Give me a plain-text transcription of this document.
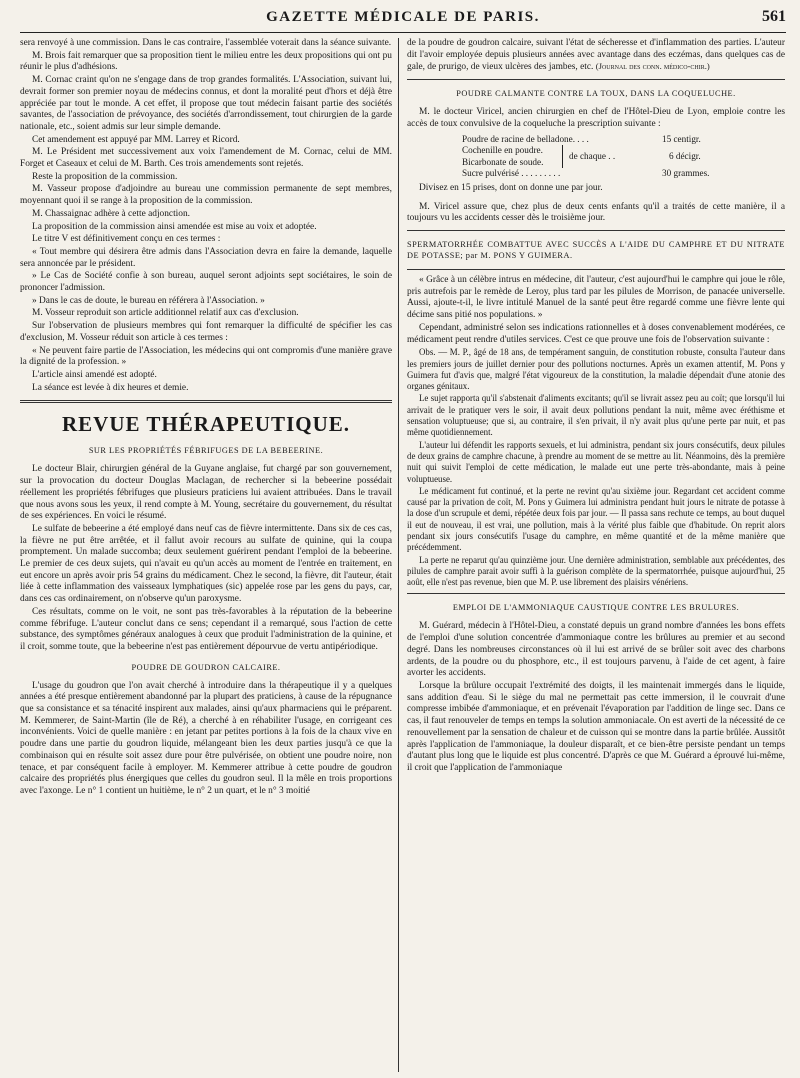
GAZETTE MÉDICALE DE PARIS.	561

sera renvoyé à une commission. Dans le cas contraire, l'assemblée voterait dans la séance suivante.

M. Brois fait remarquer que sa proposition tient le milieu entre les deux propositions qui ont pu réunir le plus d'adhésions.

M. Cornac craint qu'on ne s'engage dans de trop grandes formalités. L'Association, suivant lui, devrait former son premier noyau de médecins connus, et dont la moralité peut d'hors et déjà être appréciée par tout le monde. A cet effet, il propose que tout médecin faisant partie des sociétés savantes, de l'association de prévoyance, des sociétés d'arrondissement, tout chirurgien de la garde nationale, etc., soient admis sur leur simple demande.

Cet amendement est appuyé par MM. Larrey et Ricord.

M. Le Président met successivement aux voix l'amendement de M. Cornac, celui de MM. Forget et Caseaux et celui de M. Barth. Ces trois amendements sont rejetés.

Reste la proposition de la commission.

M. Vasseur propose d'adjoindre au bureau une commission permanente de sept membres, moyennant quoi il se range à la proposition de la commission.

M. Chassaignac adhère à cette adjonction.

La proposition de la commission ainsi amendée est mise au voix et adoptée.

Le titre V est définitivement conçu en ces termes :

« Tout membre qui désirera être admis dans l'Association devra en faire la demande, laquelle sera annoncée par le président.

» Le Cas de Société confie à son bureau, auquel seront adjoints sept sociétaires, le soin de prononcer l'admission.

» Dans le cas de doute, le bureau en référera à l'Association. »

M. Vosseur reproduit son article additionnel relatif aux cas d'exclusion.

Sur l'observation de plusieurs membres qui font remarquer la difficulté de spécifier les cas d'exclusion, M. Vosseur réduit son article à ces termes :

« Ne peuvent faire partie de l'Association, les médecins qui ont compromis d'une manière grave la dignité de la profession. »

L'article ainsi amendé est adopté.

La séance est levée à dix heures et demie.

REVUE THÉRAPEUTIQUE.
SUR LES PROPRIÉTÉS FÉBRIFUGES DE LA BEBEERINE.

Le docteur Blair, chirurgien général de la Guyane anglaise, fut chargé par son gouvernement, sur la provocation du docteur Douglas Maclagan, de rechercher si la bebeerine possédait réellement les propriétés fébrifuges que plusieurs praticiens lui avaient attribuées. Dans le travail que nous avons sous les yeux, il rend compte à M. Young, secrétaire du gouvernement, du résultat de ses expériences. En voici le résumé.

Le sulfate de bebeerine a été employé dans neuf cas de fièvre intermittente. Dans six de ces cas, la fièvre ne put être arrêtée, et il fallut avoir recours au sulfate de quinine, qui la coupa promptement. Un malade succomba; deux seulement guérirent pendant l'emploi de la bebeerine. Le premier de ces deux sujets, qui n'avait eu qu'un accès au moment de l'entrée en traitement, en eut encore un après avoir pris 54 grains du médicament. Chez le second, la fièvre, dit l'auteur, était liée à cette inflammation des vaisseaux lymphatiques (sic) appelée rose par les gens du pays, car, dans ces cas ordinairement, on n'observe qu'un paroxysme.

Ces résultats, comme on le voit, ne sont pas très-favorables à la réputation de la bebeerine comme fébrifuge. L'auteur conclut dans ce sens; cependant il a remarqué, sous l'action de cette substance, des symptômes généraux analogues à ceux que produit l'administration de la quinine, et il croit, somme toute, que la bebeerine n'est pas entièrement dépourvue de vertu antipériodique.

POUDRE DE GOUDRON CALCAIRE.

L'usage du goudron que l'on avait cherché à introduire dans la thérapeutique il y a quelques années a été presque entièrement abandonné par la plupart des praticiens, à cause de la répugnance que sa consistance et sa ténacité inspirent aux malades, ainsi qu'aux pharmaciens qui le préparent. M. Kemmerer, de Saint-Martin (île de Ré), a cherché à en réhabiliter l'usage, en corrigeant ces inconvénients. Voici de quelle manière : en jetant par petites portions à la fois de la chaux vive en poudre dans une partie du goudron liquide, mélangeant bien les deux parties jusqu'à ce que la combinaison qui en résulte soit assez dure pour être pulvérisée, on obtient une poudre noire, non tenace, et par conséquent facile à employer. M. Kemmerer attribue à cette poudre de goudron calcaire des propriétés plus énergiques que celles du goudron seul. Il la mêle en trois proportions avec l'axonge. Le n° 1 contient un huitième, le n° 2 un quart, et le n° 3 moitié

de la poudre de goudron calcaire, suivant l'état de sécheresse et d'inflammation des parties. L'auteur dit l'avoir employée depuis plusieurs années avec avantage dans des eczémas, dans quelques cas de gale, de prurigo, de vieux ulcères des jambes, etc. (Journal des conn. médico-chir.)

POUDRE CALMANTE CONTRE LA TOUX, DANS LA COQUELUCHE.

M. le docteur Viricel, ancien chirurgien en chef de l'Hôtel-Dieu de Lyon, emploie contre les accès de toux convulsive de la coqueluche la prescription suivante :

Poudre de racine de belladone. . . .	15 centigr.
Cochenille en poudre.
Bicarbonate de soude.
de chaque . .	6 décigr.
Sucre pulvérisé . . . . . . . . .	30 grammes.

Divisez en 15 prises, dont on donne une par jour.

M. Viricel assure que, chez plus de deux cents enfants qu'il a traités de cette manière, il a toujours vu les accidents cesser dès le troisième jour.

SPERMATORRHÉE COMBATTUE AVEC SUCCÈS A L'AIDE DU CAMPHRE ET DU NITRATE DE POTASSE; par M. PONS Y GUIMERA.

« Grâce à un célèbre intrus en médecine, dit l'auteur, c'est aujourd'hui le camphre qui joue le rôle, pris autrefois par le remède de Leroy, plus tard par les pilules de Morrison, de panacée universelle. Aussi, ajoute-t-il, le livre intitulé Manuel de la santé peut être regardé comme une fièvre lente qui décime sans pitié nos populations. »

Cependant, administré selon ses indications rationnelles et à doses convenablement modérées, ce médicament peut rendre d'utiles services. C'est ce que prouve une fois de l'observation suivante :

Obs. — M. P., âgé de 18 ans, de tempérament sanguin, de constitution robuste, consulta l'auteur dans les premiers jours de juillet dernier pour des pollutions nocturnes. Après un examen attentif, M. Pons y Guimera fut d'avis que, malgré l'état vigoureux de la constitution, la maladie dépendait d'une atonie des organes génitaux.

Le sujet rapporta qu'il s'abstenait d'aliments excitants; qu'il se livrait assez peu au coït; que lorsqu'il lui arrivait de le pratiquer vers le soir, il avait deux pollutions pendant la nuit, même avec éréthisme et sensation voluptueuse; que si, au contraire, il s'en privait, il n'y avait plus qu'une perte par nuit, et pas même quotidiennement.

L'auteur lui défendit les rapports sexuels, et lui administra, pendant six jours consécutifs, deux pilules de deux grains de camphre chacune, à prendre au moment de se mettre au lit. Néanmoins, dès la première nuit qui suivit l'emploi de cette médication, le malade eut une perte très-abondante, mais à peine voluptueuse.

Le médicament fut continué, et la perte ne revint qu'au sixième jour. Regardant cet accident comme causé par la privation de coït, M. Pons y Guimera lui administra pendant huit jours le nitrate de potasse à la dose d'un scrupule et demi, répétée deux fois par jour. — Il passa sans rechute ce temps, au bout duquel il eut de nouveau, il est vrai, une pollution, mais à la vérité plus faible que d'habitude. On reprit alors pendant six jours consécutifs l'usage du camphre, en même quantité et de la même manière que précédemment.

La perte ne reparut qu'au quinzième jour. Une dernière administration, semblable aux précédentes, des pilules de camphre parait avoir suffi à la guérison complète de la spermatorrhée, puisque aujourd'hui, 25 août, elle n'est pas revenue, bien que M. P. use librement des plaisirs vénériens.

EMPLOI DE L'AMMONIAQUE CAUSTIQUE CONTRE LES BRULURES.

M. Guérard, médecin à l'Hôtel-Dieu, a constaté depuis un grand nombre d'années les bons effets de l'emploi d'une solution concentrée d'ammoniaque contre les brûlures au premier et au second degré. Dans les nombreuses circonstances où il lui est arrivé de se brûler soit avec des charbons ardents, de la poudre ou du phosphore, etc., il est toujours parvenu, à l'aide de cet agent, à faire avorter les accidents.

Lorsque la brûlure occupait l'extrémité des doigts, il les maintenait immergés dans le liquide, sans addition d'eau. Si le siège du mal ne permettait pas cette immersion, il le couvrait d'une compresse imbibée d'ammoniaque, et en prévenait l'évaporation par l'addition de linge sec. Dans ce cas, il faut renouveler de temps en temps la solution ammoniacale. On est averti de la nécessité de ce renouvellement par la sensation de chaleur et de cuisson qui se montre dans la partie brûlée. Aussitôt après l'application de l'ammoniaque, la douleur disparaît, et ce bien-être persiste pendant un temps d'autant plus long que le liquide est plus concentré. D'après ce que M. Guérard a éprouvé lui-même, il croit que l'application de l'ammoniaque
